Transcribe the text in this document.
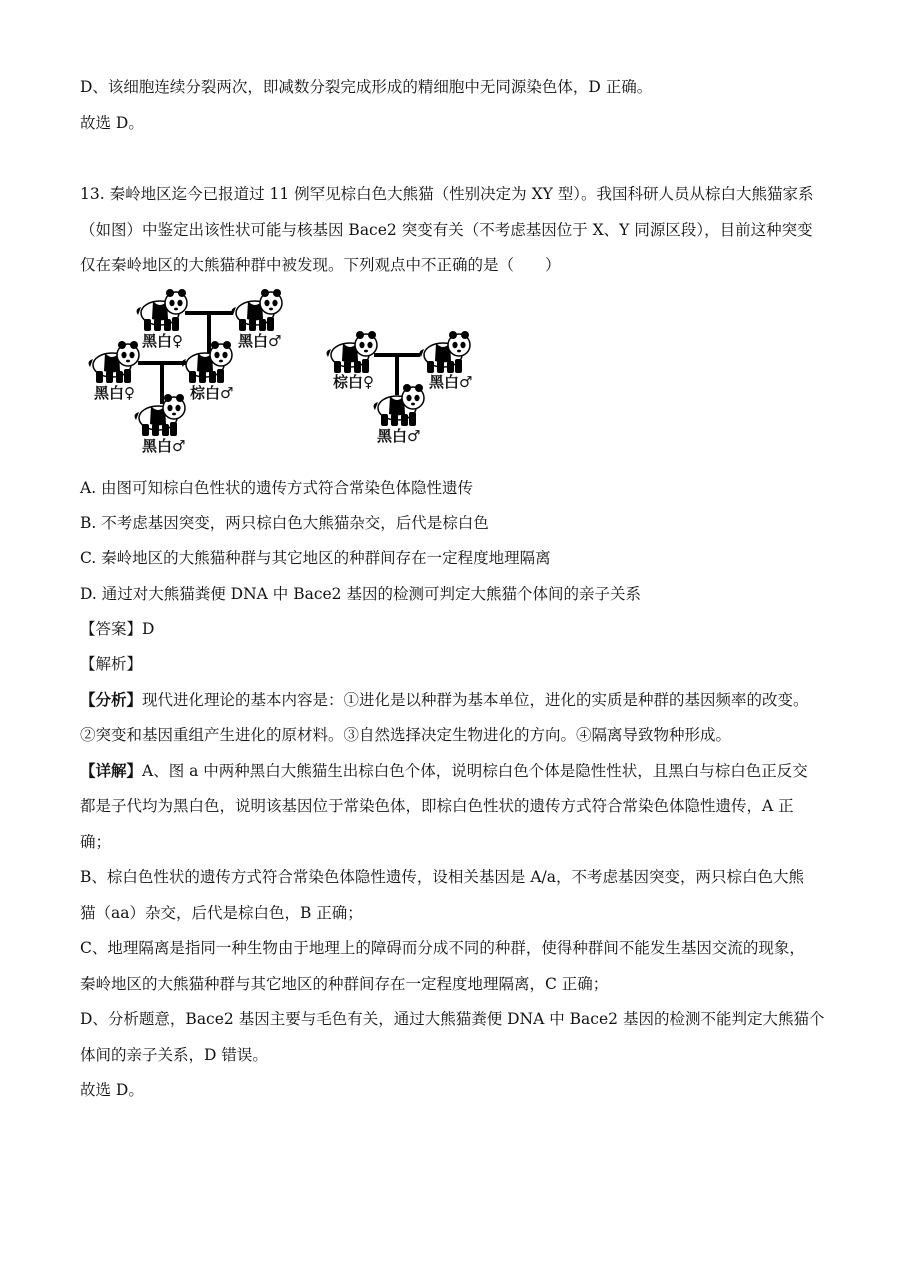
D、该细胞连续分裂两次，即减数分裂完成形成的精细胞中无同源染色体，D 正确。
故选 D。
13. 秦岭地区迄今已报道过 11 例罕见棕白色大熊猫（性别决定为 XY 型）。我国科研人员从棕白大熊猫家系
（如图）中鉴定出该性状可能与核基因 Bace2 突变有关（不考虑基因位于 X、Y 同源区段），目前这种突变
仅在秦岭地区的大熊猫种群中被发现。下列观点中不正确的是（　　）
黑白♀	黑白♂
黑白♀	棕白♂
黑白♂
棕白♀	黑白♂
黑白♂
A. 由图可知棕白色性状的遗传方式符合常染色体隐性遗传
B. 不考虑基因突变，两只棕白色大熊猫杂交，后代是棕白色
C. 秦岭地区的大熊猫种群与其它地区的种群间存在一定程度地理隔离
D. 通过对大熊猫粪便 DNA 中 Bace2 基因的检测可判定大熊猫个体间的亲子关系
【答案】D
【解析】
【分析】现代进化理论的基本内容是：①进化是以种群为基本单位，进化的实质是种群的基因频率的改变。
②突变和基因重组产生进化的原材料。③自然选择决定生物进化的方向。④隔离导致物种形成。
【详解】A、图 a 中两种黑白大熊猫生出棕白色个体，说明棕白色个体是隐性性状，且黑白与棕白色正反交
都是子代均为黑白色，说明该基因位于常染色体，即棕白色性状的遗传方式符合常染色体隐性遗传，A 正
确；
B、棕白色性状的遗传方式符合常染色体隐性遗传，设相关基因是 A/a，不考虑基因突变，两只棕白色大熊
猫（aa）杂交，后代是棕白色，B 正确；
C、地理隔离是指同一种生物由于地理上的障碍而分成不同的种群，使得种群间不能发生基因交流的现象，
秦岭地区的大熊猫种群与其它地区的种群间存在一定程度地理隔离，C 正确；
D、分析题意，Bace2 基因主要与毛色有关，通过大熊猫粪便 DNA 中 Bace2 基因的检测不能判定大熊猫个
体间的亲子关系，D 错误。
故选 D。
